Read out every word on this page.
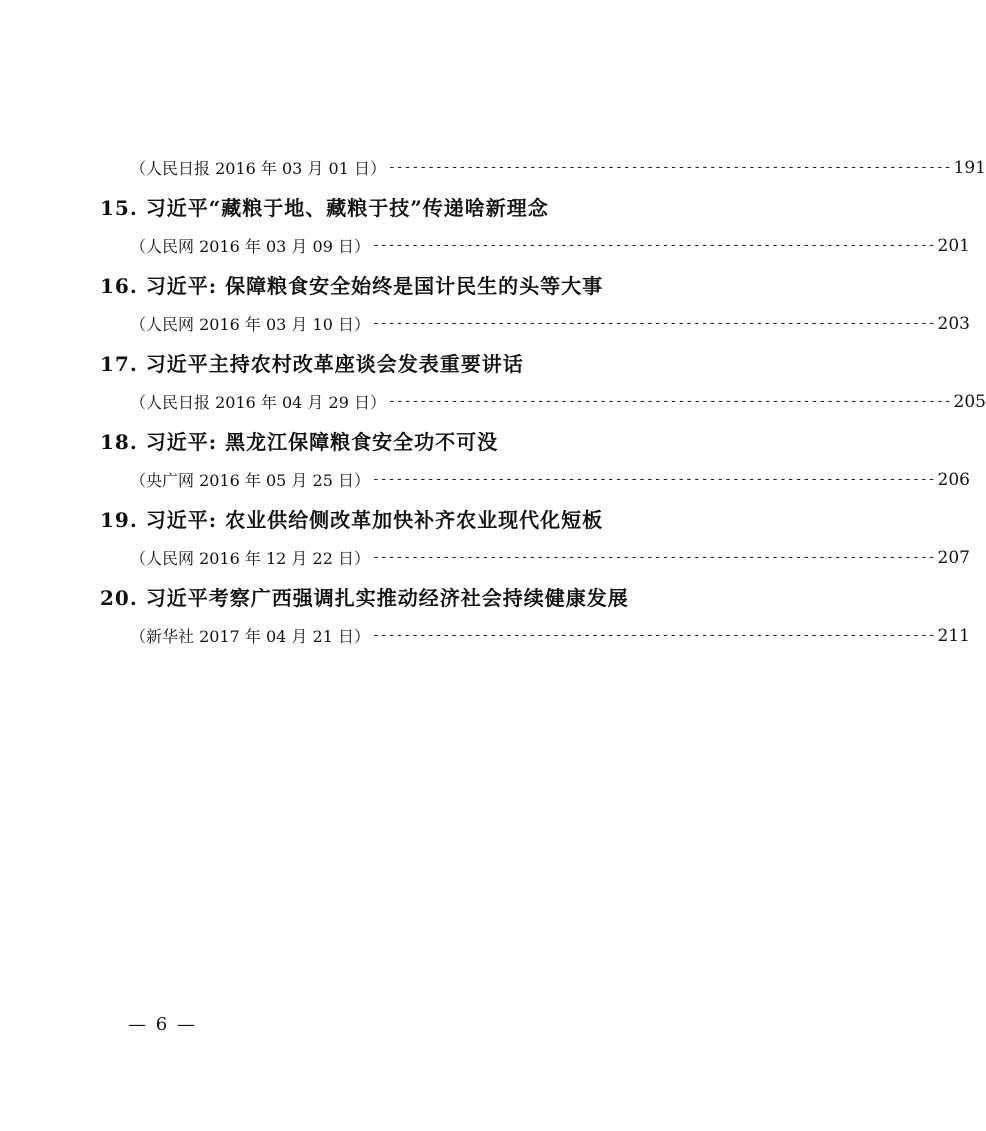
（人民日报 2016 年 03 月 01 日） ------------------------------------------------------------------------ 191
15. 习近平“藏粮于地、藏粮于技”传递啥新理念
（人民网 2016 年 03 月 09 日） ------------------------------------------------------------------------ 201
16. 习近平: 保障粮食安全始终是国计民生的头等大事
（人民网 2016 年 03 月 10 日） ------------------------------------------------------------------------ 203
17. 习近平主持农村改革座谈会发表重要讲话
（人民日报 2016 年 04 月 29 日） ------------------------------------------------------------------------ 205
18. 习近平: 黑龙江保障粮食安全功不可没
（央广网 2016 年 05 月 25 日） ------------------------------------------------------------------------ 206
19. 习近平: 农业供给侧改革加快补齐农业现代化短板
（人民网 2016 年 12 月 22 日） ------------------------------------------------------------------------ 207
20. 习近平考察广西强调扎实推动经济社会持续健康发展
（新华社 2017 年 04 月 21 日） ------------------------------------------------------------------------ 211
— 6 —
